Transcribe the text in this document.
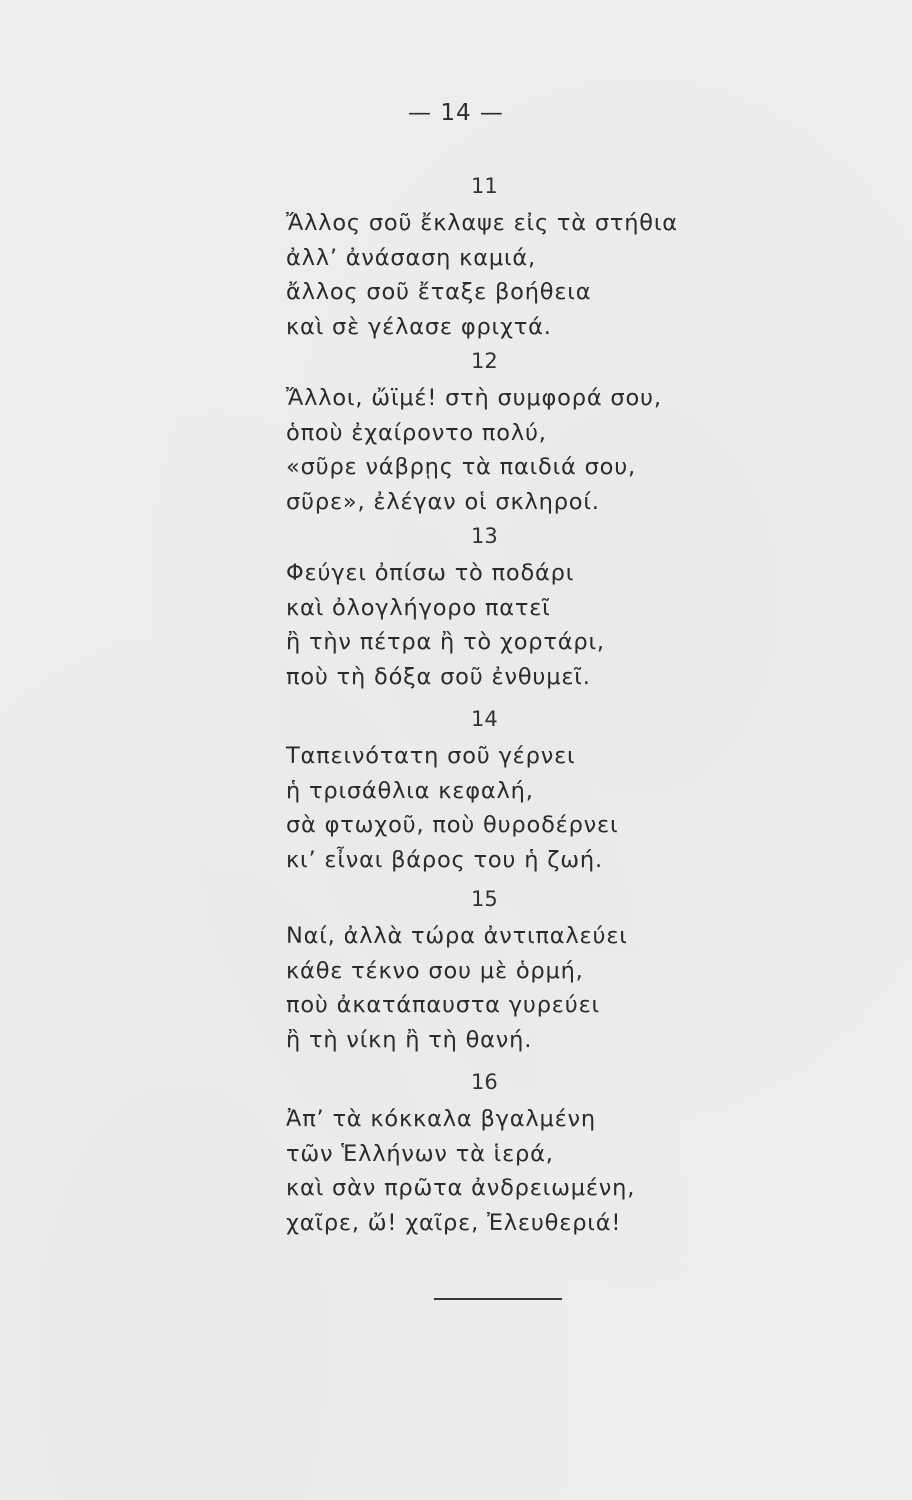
— 14 —
11
Ἄλλος σοῦ ἔκλαψε εἰς τὰ στήθια
ἀλλ’ ἀνάσαση καμιά,
ἄλλος σοῦ ἔταξε βοήθεια
καὶ σὲ γέλασε φριχτά.
12
Ἄλλοι, ὤϊμέ! στὴ συμφορά σου,
ὁποὺ ἐχαίροντο πολύ,
«σῦρε νάβρῃς τὰ παιδιά σου,
σῦρε», ἐλέγαν οἱ σκληροί.
13
Φεύγει ὀπίσω τὸ ποδάρι
καὶ ὀλογλήγορο πατεῖ
ἢ τὴν πέτρα ἢ τὸ χορτάρι,
ποὺ τὴ δόξα σοῦ ἐνθυμεῖ.
14
Ταπεινότατη σοῦ γέρνει
ἡ τρισάθλια κεφαλή,
σὰ φτωχοῦ, ποὺ θυροδέρνει
κι’ εἶναι βάρος του ἡ ζωή.
15
Ναί, ἀλλὰ τώρα ἀντιπαλεύει
κάθε τέκνο σου μὲ ὁρμή,
ποὺ ἀκατάπαυστα γυρεύει
ἢ τὴ νίκη ἢ τὴ θανή.
16
Ἀπ’ τὰ κόκκαλα βγαλμένη
τῶν Ἑλλήνων τὰ ἱερά,
καὶ σὰν πρῶτα ἀνδρειωμένη,
χαῖρε, ὤ! χαῖρε, Ἐλευθεριά!
